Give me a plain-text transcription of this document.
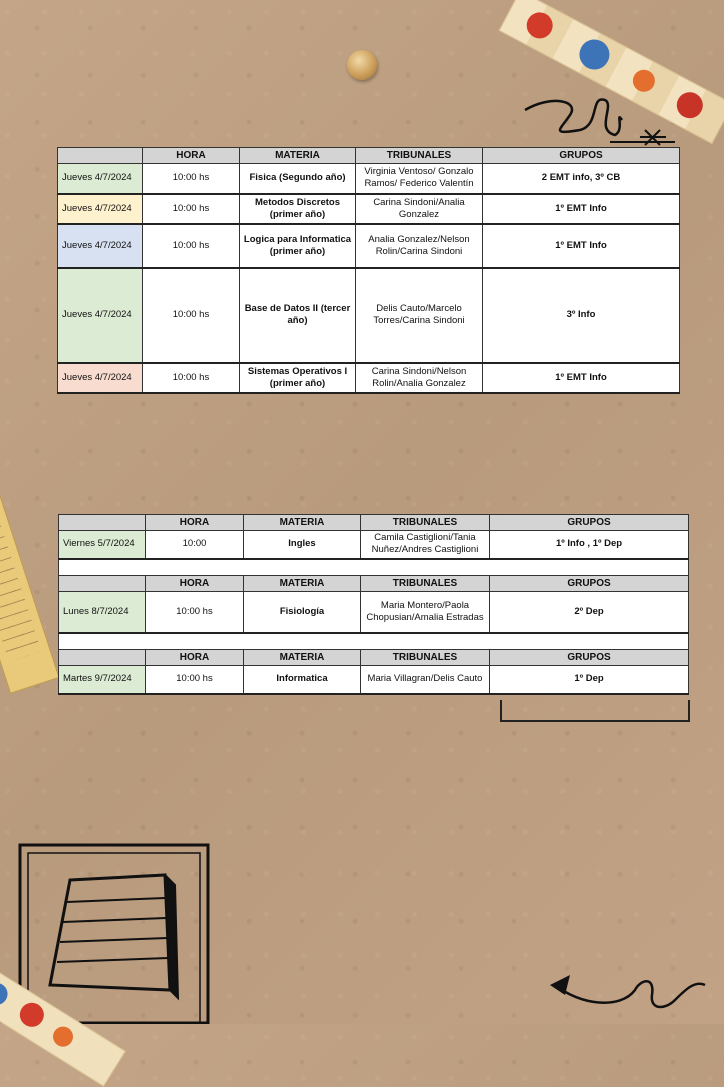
	HORA	MATERIA	TRIBUNALES	GRUPOS
Jueves 4/7/2024	10:00 hs	Fisica (Segundo año)	Virginia Ventoso/ Gonzalo Ramos/ Federico Valentín	2 EMT info, 3º CB
Jueves 4/7/2024	10:00 hs	Metodos Discretos (primer año)	Carina Sindoni/Analia Gonzalez	1º EMT Info
Jueves 4/7/2024	10:00 hs	Logica para Informatica (primer año)	Analia Gonzalez/Nelson Rolin/Carina Sindoni	1º EMT Info
Jueves 4/7/2024	10:00 hs	Base de Datos II (tercer año)	Delis Cauto/Marcelo Torres/Carina Sindoni	3º Info
Jueves 4/7/2024	10:00 hs	Sistemas Operativos I (primer año)	Carina Sindoni/Nelson Rolin/Analia Gonzalez	1º EMT Info
	HORA	MATERIA	TRIBUNALES	GRUPOS
Viernes 5/7/2024	10:00	Ingles	Camila Castiglioni/Tania Nuñez/Andres Castiglioni	1º Info , 1º Dep

	HORA	MATERIA	TRIBUNALES	GRUPOS
Lunes 8/7/2024	10:00 hs	Fisiología	Maria Montero/Paola Chopusian/Amalia Estradas	2º Dep

	HORA	MATERIA	TRIBUNALES	GRUPOS
Martes 9/7/2024	10:00 hs	Informatica	Maria Villagran/Delis Cauto	1º Dep
